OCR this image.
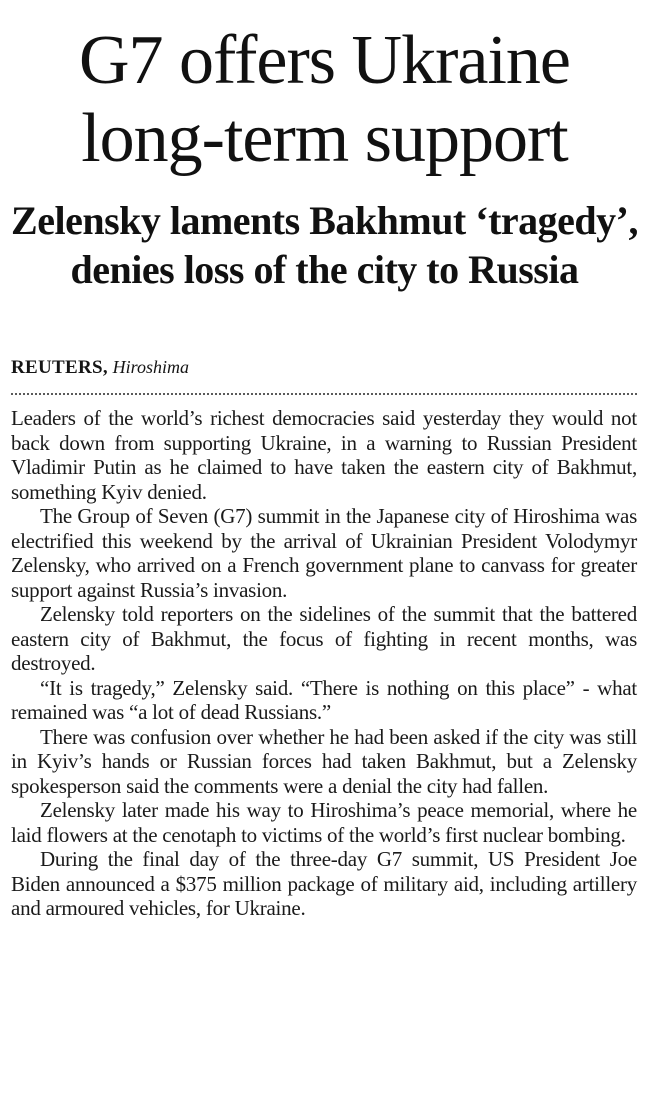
G7 offers Ukraine long-term support
Zelensky laments Bakhmut ‘tragedy’, denies loss of the city to Russia
REUTERS, Hiroshima

Leaders of the world’s richest democracies said yesterday they would not back down from supporting Ukraine, in a warning to Russian President Vladimir Putin as he claimed to have taken the eastern city of Bakhmut, something Kyiv denied.

The Group of Seven (G7) summit in the Japanese city of Hiroshima was electrified this weekend by the arrival of Ukrainian President Volodymyr Zelensky, who arrived on a French government plane to canvass for greater support against Russia’s invasion.

Zelensky told reporters on the sidelines of the summit that the battered eastern city of Bakhmut, the focus of fighting in recent months, was destroyed.

“It is tragedy,” Zelensky said. “There is nothing on this place” - what remained was “a lot of dead Russians.”

There was confusion over whether he had been asked if the city was still in Kyiv’s hands or Russian forces had taken Bakhmut, but a Zelensky spokesperson said the comments were a denial the city had fallen.

Zelensky later made his way to Hiroshima’s peace memorial, where he laid flowers at the cenotaph to victims of the world’s first nuclear bombing.

During the final day of the three-day G7 summit, US President Joe Biden announced a $375 million package of military aid, including artillery and armoured vehicles, for Ukraine.
